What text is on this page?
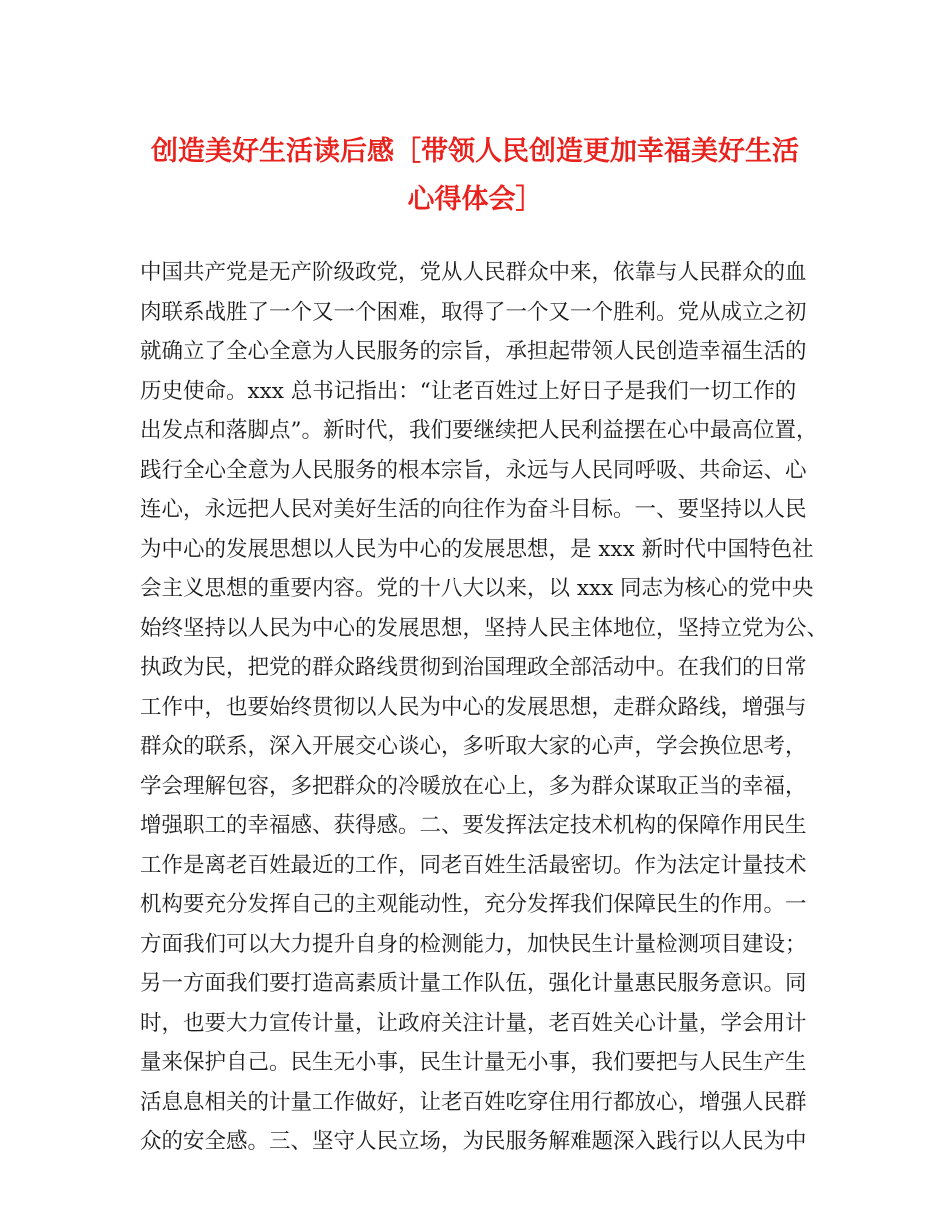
创造美好生活读后感［带领人民创造更加幸福美好生活
心得体会］
中国共产党是无产阶级政党，党从人民群众中来，依靠与人民群众的血
肉联系战胜了一个又一个困难，取得了一个又一个胜利。党从成立之初
就确立了全心全意为人民服务的宗旨，承担起带领人民创造幸福生活的
历史使命。xxx 总书记指出：“让老百姓过上好日子是我们一切工作的
出发点和落脚点”。新时代，我们要继续把人民利益摆在心中最高位置，
践行全心全意为人民服务的根本宗旨，永远与人民同呼吸、共命运、心
连心，永远把人民对美好生活的向往作为奋斗目标。一、要坚持以人民
为中心的发展思想以人民为中心的发展思想，是 xxx 新时代中国特色社
会主义思想的重要内容。党的十八大以来，以 xxx 同志为核心的党中央
始终坚持以人民为中心的发展思想，坚持人民主体地位，坚持立党为公、
执政为民，把党的群众路线贯彻到治国理政全部活动中。在我们的日常
工作中，也要始终贯彻以人民为中心的发展思想，走群众路线，增强与
群众的联系，深入开展交心谈心，多听取大家的心声，学会换位思考，
学会理解包容，多把群众的冷暖放在心上，多为群众谋取正当的幸福，
增强职工的幸福感、获得感。二、要发挥法定技术机构的保障作用民生
工作是离老百姓最近的工作，同老百姓生活最密切。作为法定计量技术
机构要充分发挥自己的主观能动性，充分发挥我们保障民生的作用。一
方面我们可以大力提升自身的检测能力，加快民生计量检测项目建设；
另一方面我们要打造高素质计量工作队伍，强化计量惠民服务意识。同
时，也要大力宣传计量，让政府关注计量，老百姓关心计量，学会用计
量来保护自己。民生无小事，民生计量无小事，我们要把与人民生产生
活息息相关的计量工作做好，让老百姓吃穿住用行都放心，增强人民群
众的安全感。三、坚守人民立场，为民服务解难题深入践行以人民为中
